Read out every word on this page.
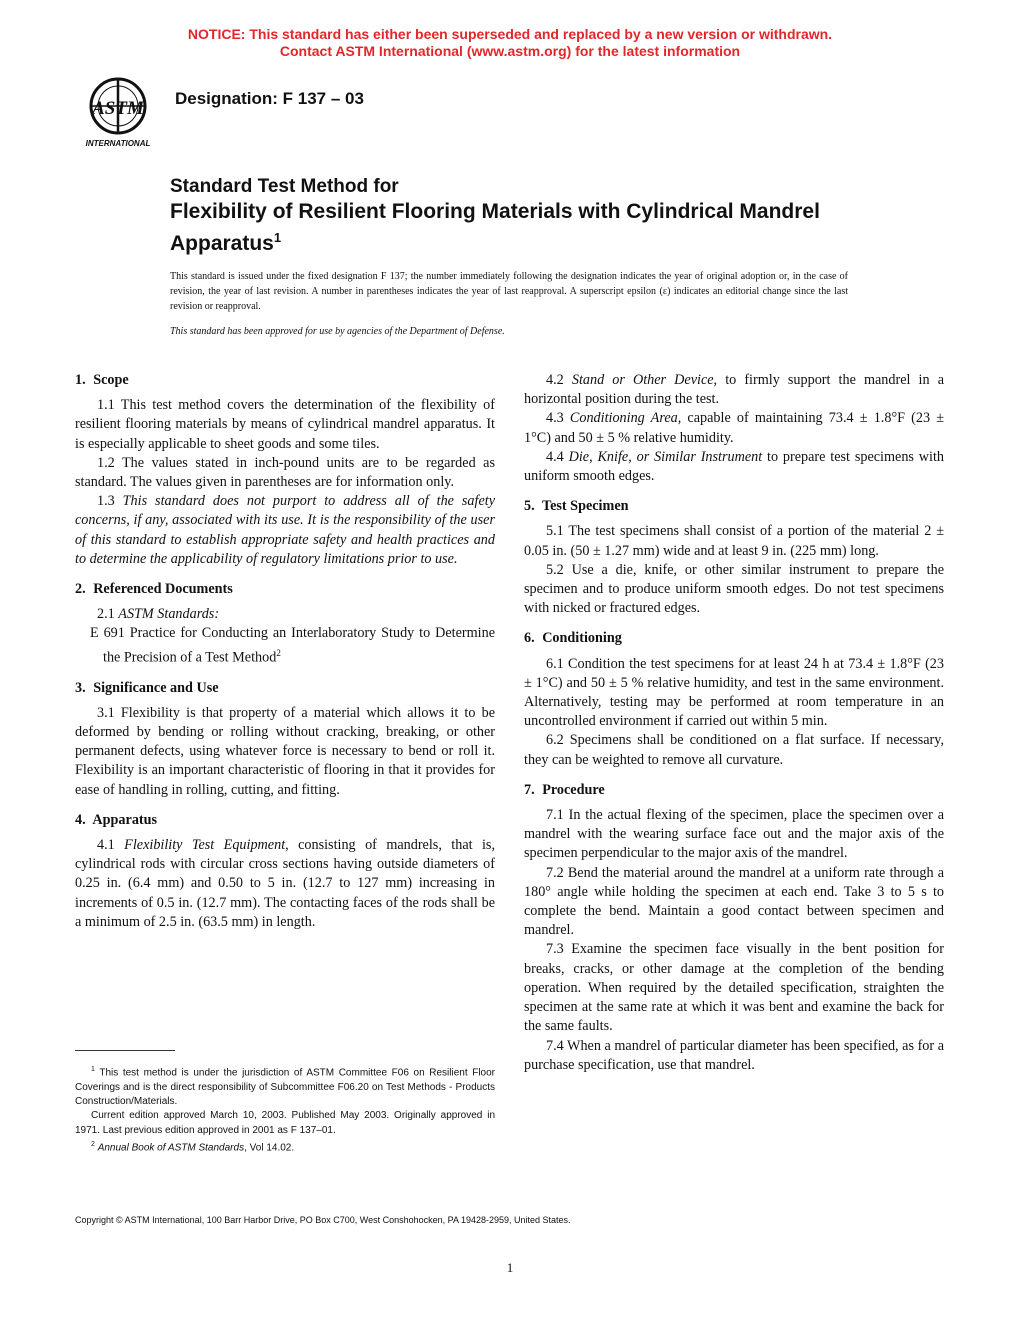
NOTICE: This standard has either been superseded and replaced by a new version or withdrawn.
Contact ASTM International (www.astm.org) for the latest information
ASTM
INTERNATIONAL
Designation: F 137 – 03
Standard Test Method for
Flexibility of Resilient Flooring Materials with Cylindrical Mandrel Apparatus$^1$
This standard is issued under the fixed designation F 137; the number immediately following the designation indicates the year of original adoption or, in the case of revision, the year of last revision. A number in parentheses indicates the year of last reapproval. A superscript epsilon (ε) indicates an editorial change since the last revision or reapproval.
This standard has been approved for use by agencies of the Department of Defense.
1. Scope

1.1 This test method covers the determination of the flexibility of resilient flooring materials by means of cylindrical mandrel apparatus. It is especially applicable to sheet goods and some tiles.

1.2 The values stated in inch-pound units are to be regarded as standard. The values given in parentheses are for information only.

1.3 This standard does not purport to address all of the safety concerns, if any, associated with its use. It is the responsibility of the user of this standard to establish appropriate safety and health practices and to determine the applicability of regulatory limitations prior to use.

2. Referenced Documents

2.1 ASTM Standards:

E 691 Practice for Conducting an Interlaboratory Study to Determine the Precision of a Test Method$^2$

3. Significance and Use

3.1 Flexibility is that property of a material which allows it to be deformed by bending or rolling without cracking, breaking, or other permanent defects, using whatever force is necessary to bend or roll it. Flexibility is an important characteristic of flooring in that it provides for ease of handling in rolling, cutting, and fitting.

4. Apparatus

4.1 Flexibility Test Equipment, consisting of mandrels, that is, cylindrical rods with circular cross sections having outside diameters of 0.25 in. (6.4 mm) and 0.50 to 5 in. (12.7 to 127 mm) increasing in increments of 0.5 in. (12.7 mm). The contacting faces of the rods shall be a minimum of 2.5 in. (63.5 mm) in length.

4.2 Stand or Other Device, to firmly support the mandrel in a horizontal position during the test.

4.3 Conditioning Area, capable of maintaining 73.4 ± 1.8°F (23 ± 1°C) and 50 ± 5 % relative humidity.

4.4 Die, Knife, or Similar Instrument to prepare test specimens with uniform smooth edges.

5. Test Specimen

5.1 The test specimens shall consist of a portion of the material 2 ± 0.05 in. (50 ± 1.27 mm) wide and at least 9 in. (225 mm) long.

5.2 Use a die, knife, or other similar instrument to prepare the specimen and to produce uniform smooth edges. Do not test specimens with nicked or fractured edges.

6. Conditioning

6.1 Condition the test specimens for at least 24 h at 73.4 ± 1.8°F (23 ± 1°C) and 50 ± 5 % relative humidity, and test in the same environment. Alternatively, testing may be performed at room temperature in an uncontrolled environment if carried out within 5 min.

6.2 Specimens shall be conditioned on a flat surface. If necessary, they can be weighted to remove all curvature.

7. Procedure

7.1 In the actual flexing of the specimen, place the specimen over a mandrel with the wearing surface face out and the major axis of the specimen perpendicular to the major axis of the mandrel.

7.2 Bend the material around the mandrel at a uniform rate through a 180° angle while holding the specimen at each end. Take 3 to 5 s to complete the bend. Maintain a good contact between specimen and mandrel.

7.3 Examine the specimen face visually in the bent position for breaks, cracks, or other damage at the completion of the bending operation. When required by the detailed specification, straighten the specimen at the same rate at which it was bent and examine the back for the same faults.

7.4 When a mandrel of particular diameter has been specified, as for a purchase specification, use that mandrel.

$^1$ This test method is under the jurisdiction of ASTM Committee F06 on Resilient Floor Coverings and is the direct responsibility of Subcommittee F06.20 on Test Methods - Products Construction/Materials.

Current edition approved March 10, 2003. Published May 2003. Originally approved in 1971. Last previous edition approved in 2001 as F 137–01.

$^2$ Annual Book of ASTM Standards, Vol 14.02.

Copyright © ASTM International, 100 Barr Harbor Drive, PO Box C700, West Conshohocken, PA 19428-2959, United States.
1
